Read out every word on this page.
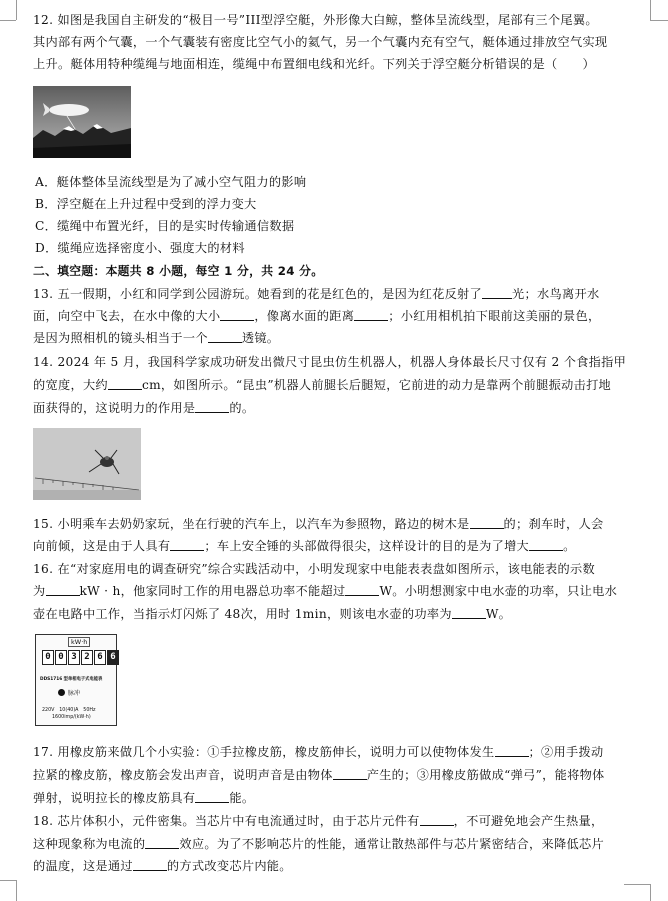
12. 如图是我国自主研发的“极目一号”III型浮空艇，外形像大白鲸，整体呈流线型，尾部有三个尾翼。
其内部有两个气囊，一个气囊装有密度比空气小的氦气，另一个气囊内充有空气，艇体通过排放空气实现
上升。艇体用特种缆绳与地面相连，缆绳中布置细电线和光纤。下列关于浮空艇分析错误的是（　　）
A．艇体整体呈流线型是为了减小空气阻力的影响
B．浮空艇在上升过程中受到的浮力变大
C．缆绳中布置光纤，目的是实时传输通信数据
D．缆绳应选择密度小、强度大的材料
二、填空题：本题共 8 小题，每空 1 分，共 24 分。
13. 五一假期，小红和同学到公园游玩。她看到的花是红色的，是因为红花反射了 光；水鸟离开水
面，向空中飞去，在水中像的大小	，像离水面的距离	；小红用相机拍下眼前这美丽的景色，
是因为照相机的镜头相当于一个	透镜。
14. 2024 年 5 月，我国科学家成功研发出微尺寸昆虫仿生机器人，机器人身体最长尺寸仅有 2 个食指指甲
的宽度，大约	cm，如图所示。“昆虫”机器人前腿长后腿短，它前进的动力是靠两个前腿振动击打地
面获得的，这说明力的作用是	的。
15. 小明乘车去奶奶家玩，坐在行驶的汽车上，以汽车为参照物，路边的树木是	的；刹车时，人会
向前倾，这是由于人具有	；车上安全锤的头部做得很尖，这样设计的目的是为了增大	。
16. 在“对家庭用电的调查研究”综合实践活动中，小明发现家中电能表表盘如图所示，该电能表的示数
为	kW · h，他家同时工作的用电器总功率不能超过	W。小明想测家中电水壶的功率，只让电水
壶在电路中工作，当指示灯闪烁了 48次，用时 1min，则该电水壶的功率为	W。
kW·h
0 0 3 2 6 6
DDS1716 型单相电子式电能表
脉冲
220V　10(40)A　50Hz
1600imp/(kW·h)
17. 用橡皮筋来做几个小实验：①手拉橡皮筋，橡皮筋伸长，说明力可以使物体发生	；②用手拨动
拉紧的橡皮筋，橡皮筋会发出声音，说明声音是由物体	产生的；③用橡皮筋做成“弹弓”，能将物体
弹射，说明拉长的橡皮筋具有	能。
18. 芯片体积小，元件密集。当芯片中有电流通过时，由于芯片元件有	，不可避免地会产生热量，
这种现象称为电流的	效应。为了不影响芯片的性能，通常让散热部件与芯片紧密结合，来降低芯片
的温度，这是通过	的方式改变芯片内能。
